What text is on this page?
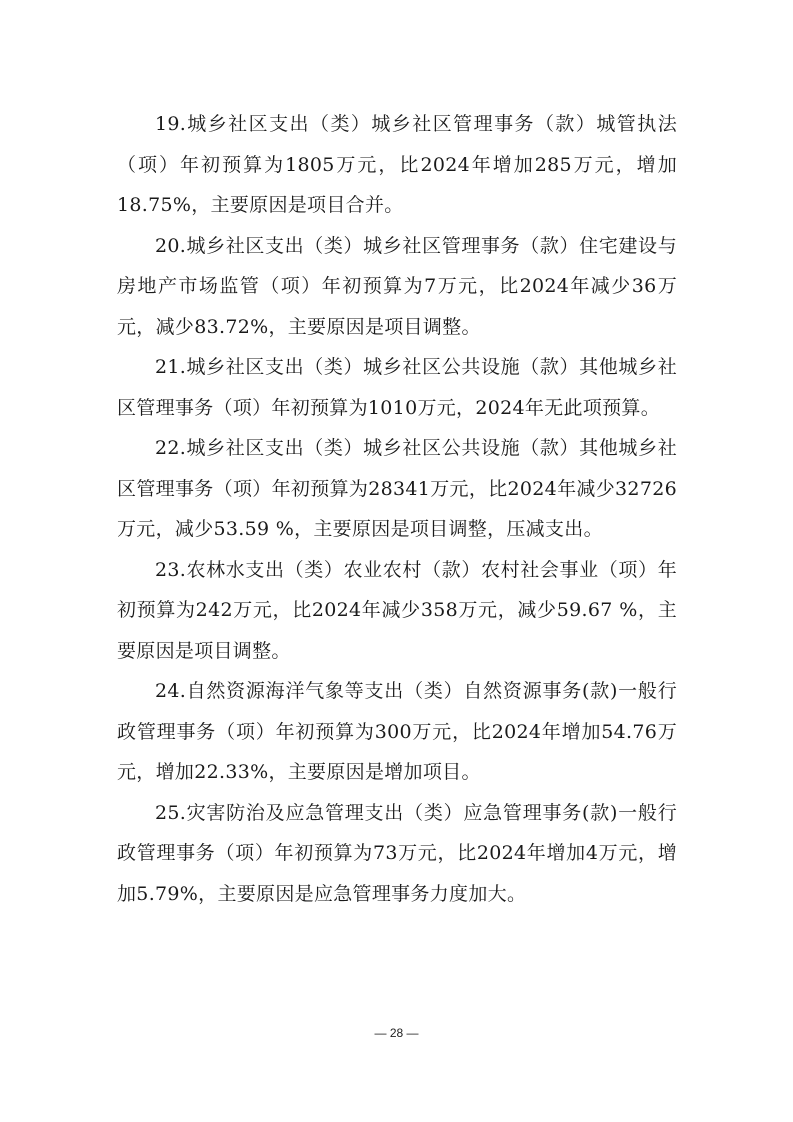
19.城乡社区支出（类）城乡社区管理事务（款）城管执法（项）年初预算为1805万元，比2024年增加285万元，增加18.75%，主要原因是项目合并。

20.城乡社区支出（类）城乡社区管理事务（款）住宅建设与房地产市场监管（项）年初预算为7万元，比2024年减少36万元，减少83.72%，主要原因是项目调整。

21.城乡社区支出（类）城乡社区公共设施（款）其他城乡社区管理事务（项）年初预算为1010万元，2024年无此项预算。

22.城乡社区支出（类）城乡社区公共设施（款）其他城乡社区管理事务（项）年初预算为28341万元，比2024年减少32726万元，减少53.59 %，主要原因是项目调整，压减支出。

23.农林水支出（类）农业农村（款）农村社会事业（项）年初预算为242万元，比2024年减少358万元，减少59.67 %，主要原因是项目调整。

24.自然资源海洋气象等支出（类）自然资源事务(款)一般行政管理事务（项）年初预算为300万元，比2024年增加54.76万元，增加22.33%，主要原因是增加项目。

25.灾害防治及应急管理支出（类）应急管理事务(款)一般行政管理事务（项）年初预算为73万元，比2024年增加4万元，增加5.79%，主要原因是应急管理事务力度加大。

— 28 —
